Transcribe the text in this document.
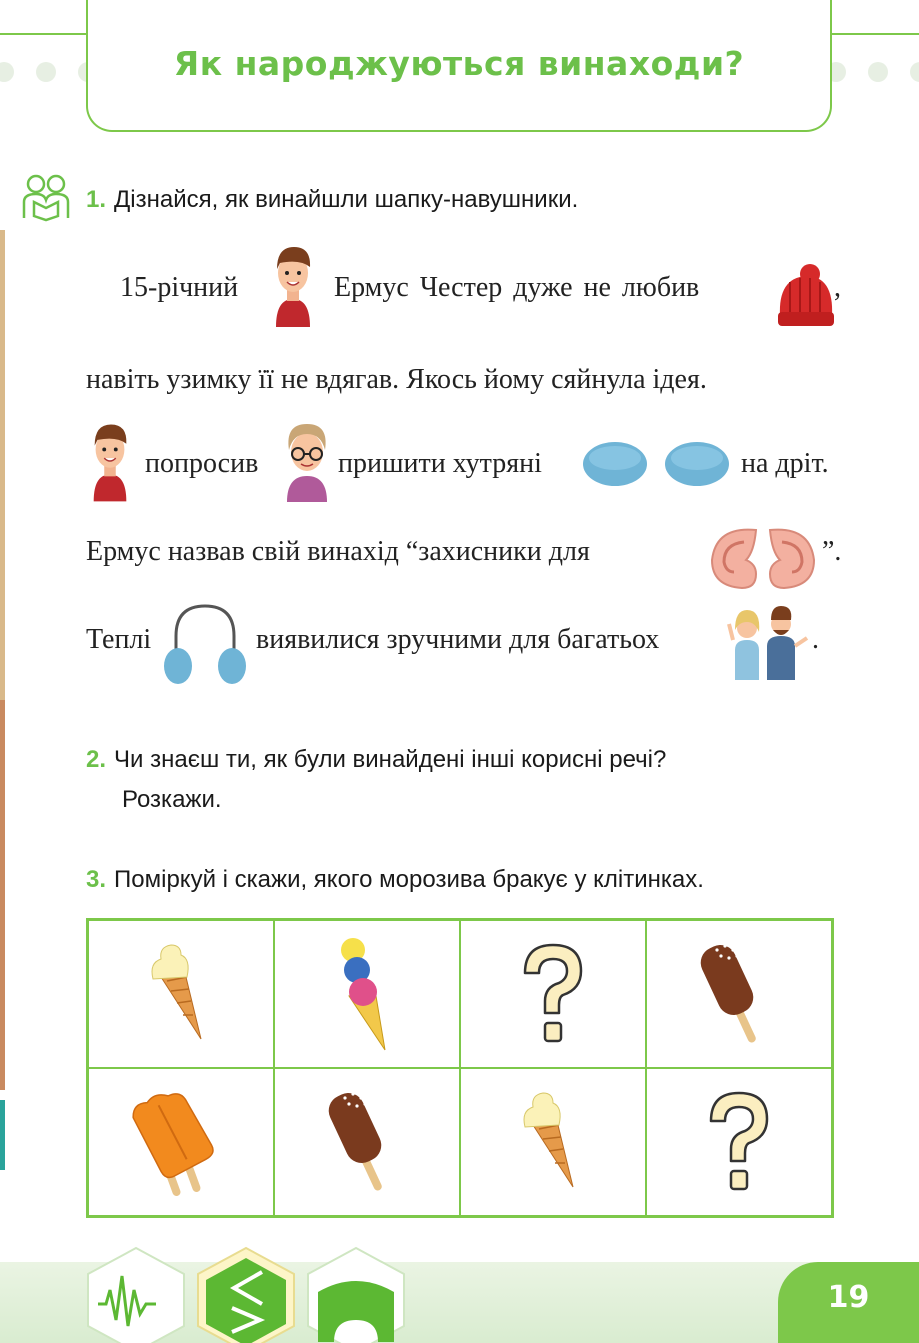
Як народжуються винаходи?
1. Дізнайся, як винайшли шапку-навушники.
15-річний	Ермус Честер дуже не любив	,
навіть узимку її не вдягав. Якось йому сяйнула ідея.
попросив	пришити хутряні	на дріт.
Ермус назвав свій винахід “захисники для	”.
Теплі	виявилися зручними для багатьох	.
2. Чи знаєш ти, як були винайдені інші корисні речі?
Розкажи.
3. Поміркуй і скажи, якого морозива бракує у клітинках.
19
